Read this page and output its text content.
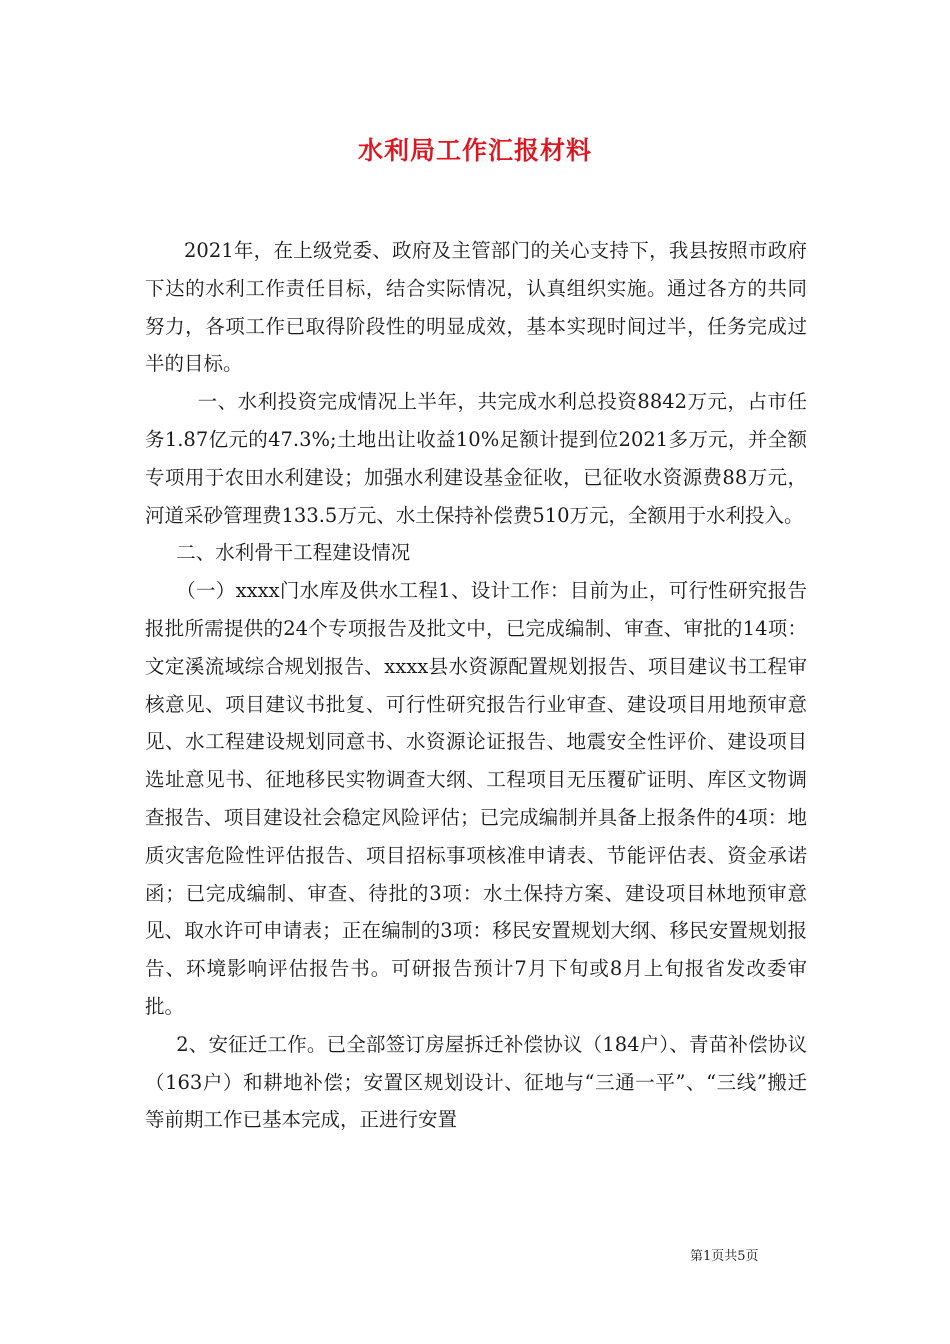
水利局工作汇报材料

2021年，在上级党委、政府及主管部门的关心支持下，我县按照市政府下达的水利工作责任目标，结合实际情况，认真组织实施。通过各方的共同努力，各项工作已取得阶段性的明显成效，基本实现时间过半，任务完成过半的目标。

一、水利投资完成情况上半年，共完成水利总投资8842万元，占市任务1.87亿元的47.3%;土地出让收益10%足额计提到位2021多万元，并全额专项用于农田水利建设；加强水利建设基金征收，已征收水资源费88万元，河道采砂管理费133.5万元、水土保持补偿费510万元，全额用于水利投入。

二、水利骨干工程建设情况

（一）xxxx门水库及供水工程1、设计工作：目前为止，可行性研究报告报批所需提供的24个专项报告及批文中，已完成编制、审查、审批的14项：文定溪流域综合规划报告、xxxx县水资源配置规划报告、项目建议书工程审核意见、项目建议书批复、可行性研究报告行业审查、建设项目用地预审意见、水工程建设规划同意书、水资源论证报告、地震安全性评价、建设项目选址意见书、征地移民实物调查大纲、工程项目无压覆矿证明、库区文物调查报告、项目建设社会稳定风险评估；已完成编制并具备上报条件的4项：地质灾害危险性评估报告、项目招标事项核准申请表、节能评估表、资金承诺函；已完成编制、审查、待批的3项：水土保持方案、建设项目林地预审意见、取水许可申请表；正在编制的3项：移民安置规划大纲、移民安置规划报告、环境影响评估报告书。可研报告预计7月下旬或8月上旬报省发改委审批。

2、安征迁工作。已全部签订房屋拆迁补偿协议（184户）、青苗补偿协议（163户）和耕地补偿；安置区规划设计、征地与“三通一平”、“三线”搬迁等前期工作已基本完成，正进行安置

第1页共5页
